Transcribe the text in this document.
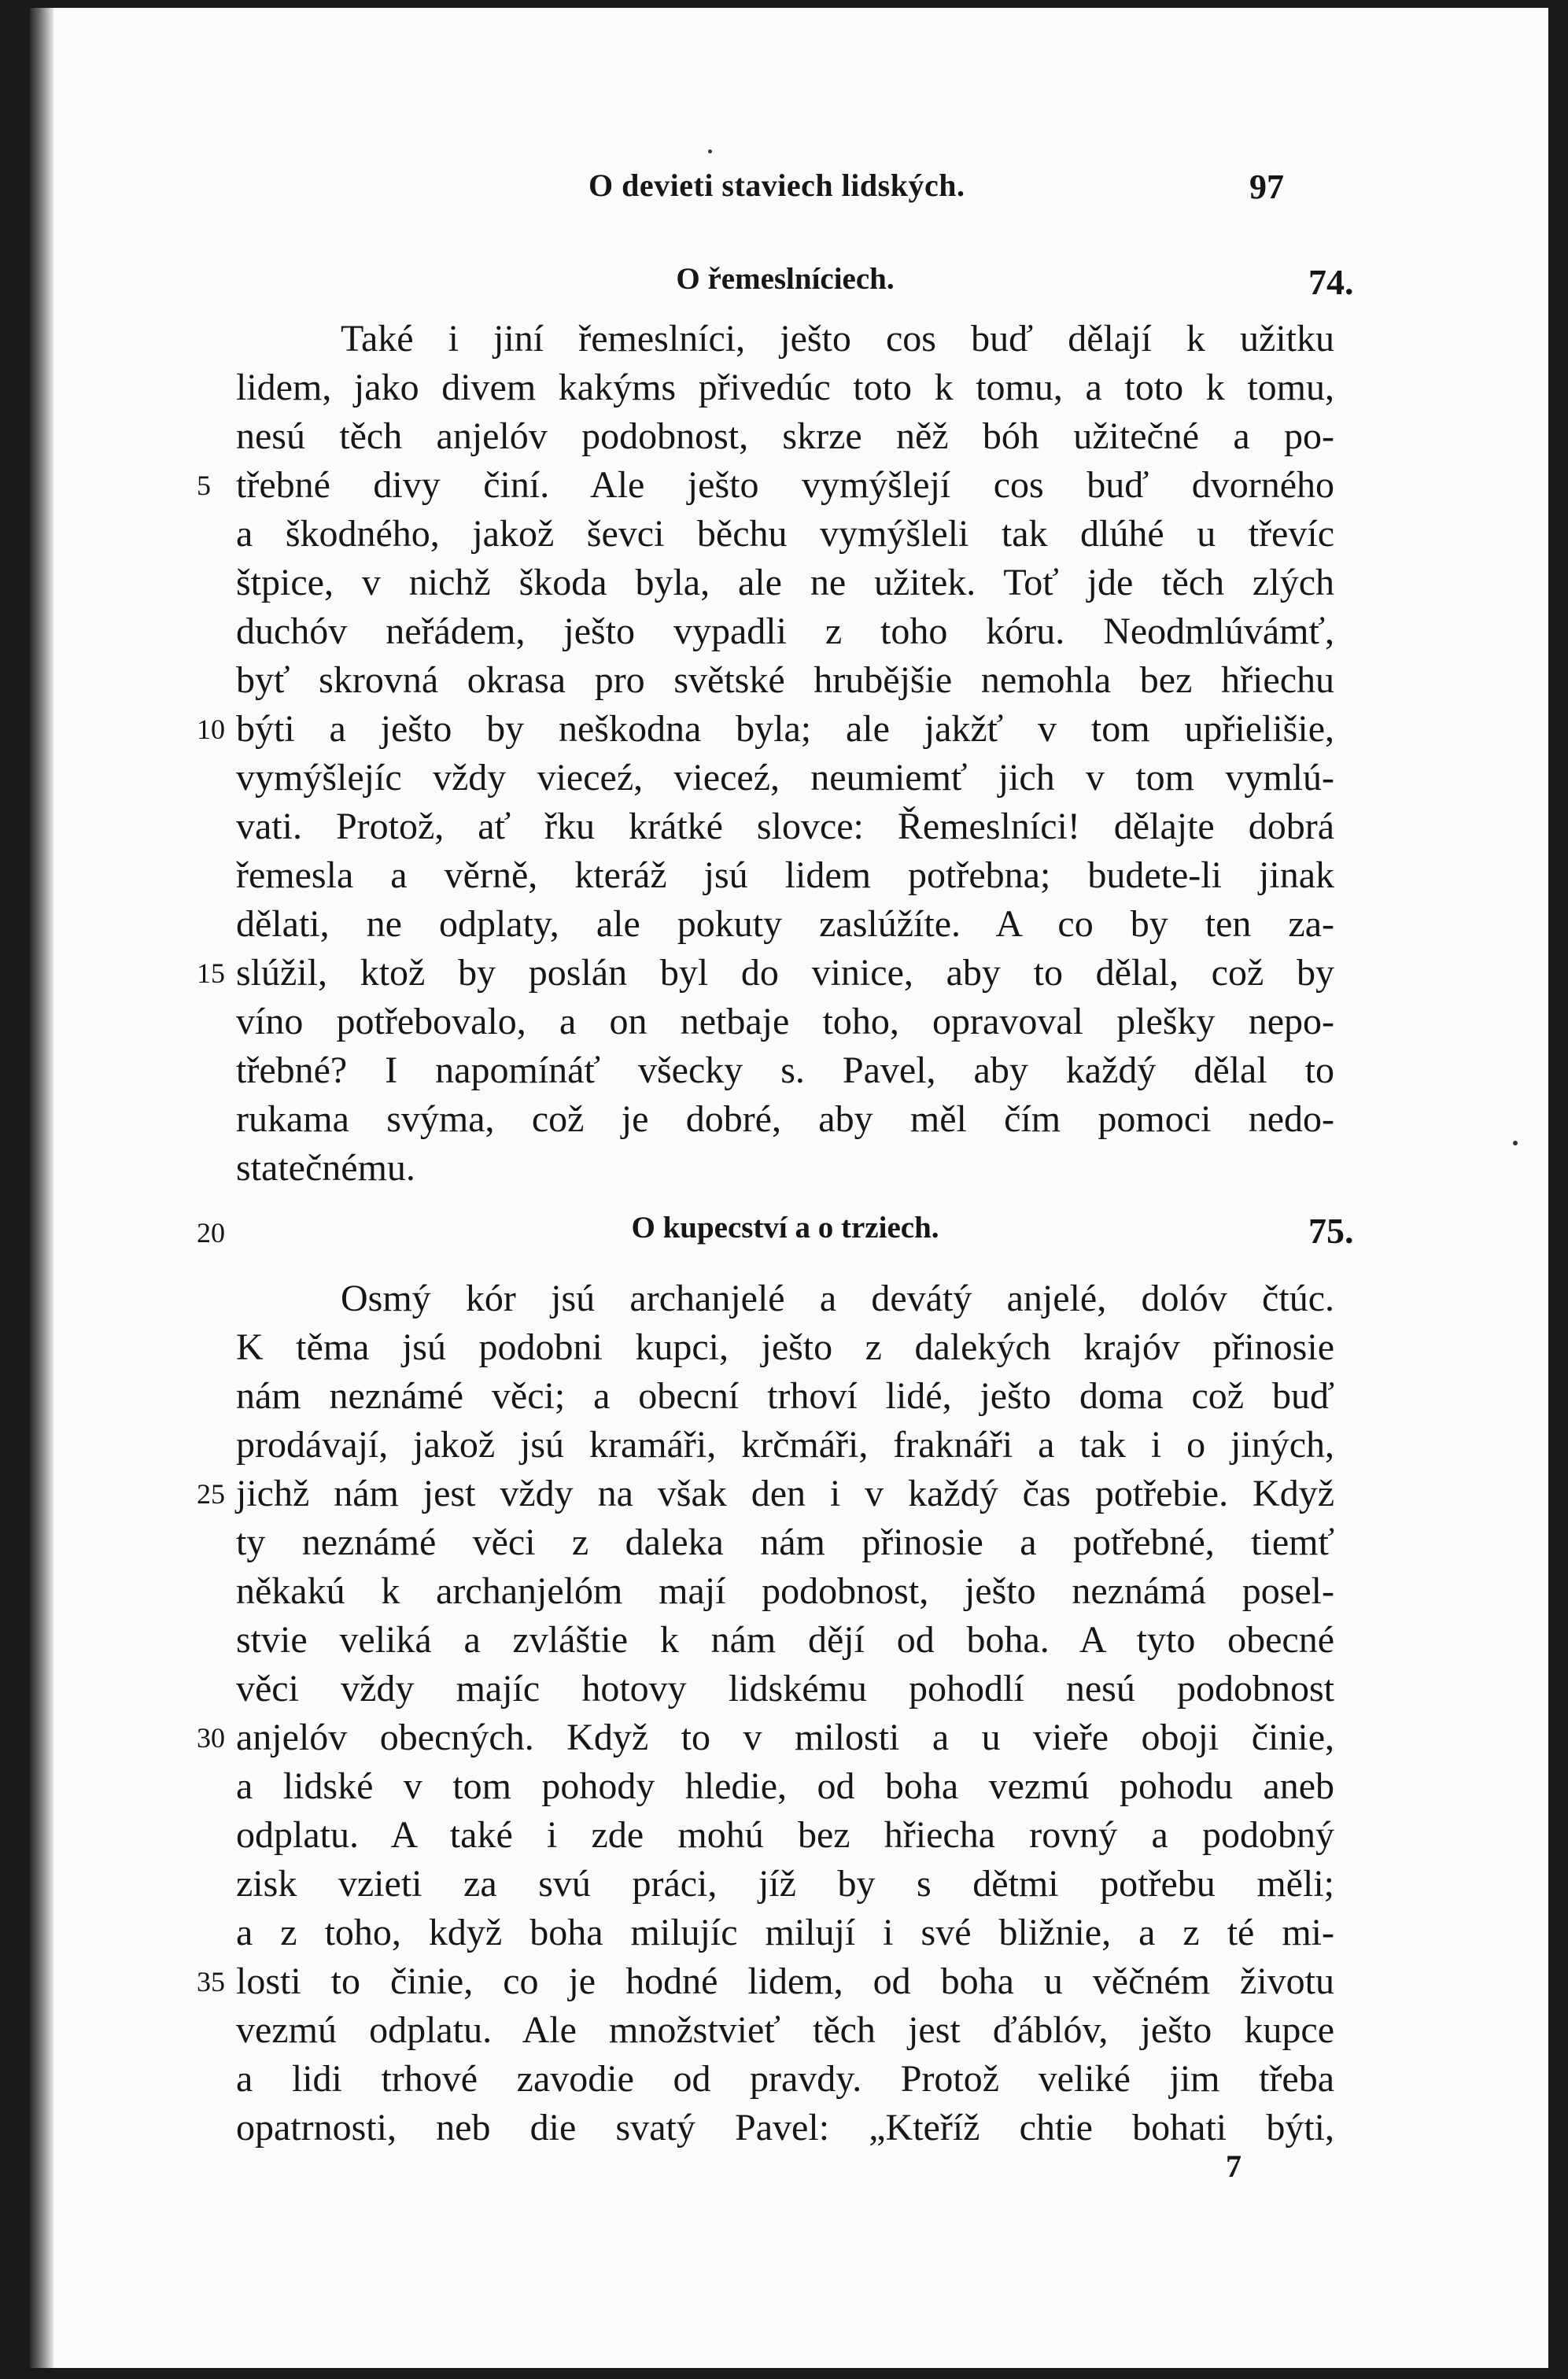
O devieti staviech lidských.	97
O řemeslníciech.	74.
Také i jiní řemeslníci, ješto cos buď dělají k užitku
lidem, jako divem kakýms přivedúc toto k tomu, a toto k tomu,
nesú těch anjelóv podobnost, skrze něž bóh užitečné a po-
třebné divy činí. Ale ješto vymýšlejí cos buď dvorného
a škodného, jakož ševci běchu vymýšleli tak dlúhé u třevíc
štpice, v nichž škoda byla, ale ne užitek. Toť jde těch zlých
duchóv neřádem, ješto vypadli z toho kóru. Neodmlúvámť,
byť skrovná okrasa pro světské hrubějšie nemohla bez hřiechu
býti a ještо by neškodna byla; ale jakžť v tom upřielišie,
vymýšlejíc vždy vieceź, vieceź, neumiemť jich v tom vymlú-
vati. Protož, ať řku krátké slovce: Řemeslníci! dělajte dobrá
řemesla a věrně, kteráž jsú lidem potřebna; budete-li jinak
dělati, ne odplaty, ale pokuty zaslúžíte. A co by ten za-
slúžil, ktož by poslán byl do vinice, aby to dělal, což by
víno potřebovalo, a on netbaje toho, opravoval plešky nepo-
třebné? I napomínáť všecky s. Pavel, aby každý dělal to
rukama svýma, což je dobré, aby měl čím pomoci nedo-
statečnému.
5
10
15
20	O kupecství a o trziech.	75.
Osmý kór jsú archanjelé a devátý anjelé, dolóv čtúc.
K těma jsú podobni kupci, ješto z dalekých krajóv přinosie
nám neznámé věci; a obecní trhoví lidé, ješto doma což buď
prodávají, jakož jsú kramáři, krčmáři, fraknáři a tak i o jiných,
jichž nám jest vždy na však den i v každý čas potřebie. Když
ty neznámé věci z daleka nám přinosie a potřebné, tiemť
někakú k archanjelóm mají podobnost, ješto neznámá posel-
stvie veliká a zvláštie k nám dějí od boha. A tyto obecné
věci vždy majíc hotovy lidskému pohodlí nesú podobnost
anjelóv obecných. Když to v milosti a u vieře oboji činie,
a lidské v tom pohody hledie, od boha vezmú pohodu aneb
odplatu. A také i zde mohú bez hřiecha rovný a podobný
zisk vzieti za svú práci, jíž by s dětmi potřebu měli;
a z toho, když boha milujíc milují i své bližnie, a z té mi-
losti to činie, co je hodné lidem, od boha u věčném životu
vezmú odplatu. Ale množstvieť těch jest ďáblóv, ješto kupce
a lidi trhové zavodie od pravdy. Protož veliké jim třeba
opatrnosti, neb die svatý Pavel: „Kteříž chtie bohati býti,
25
30
35
7
